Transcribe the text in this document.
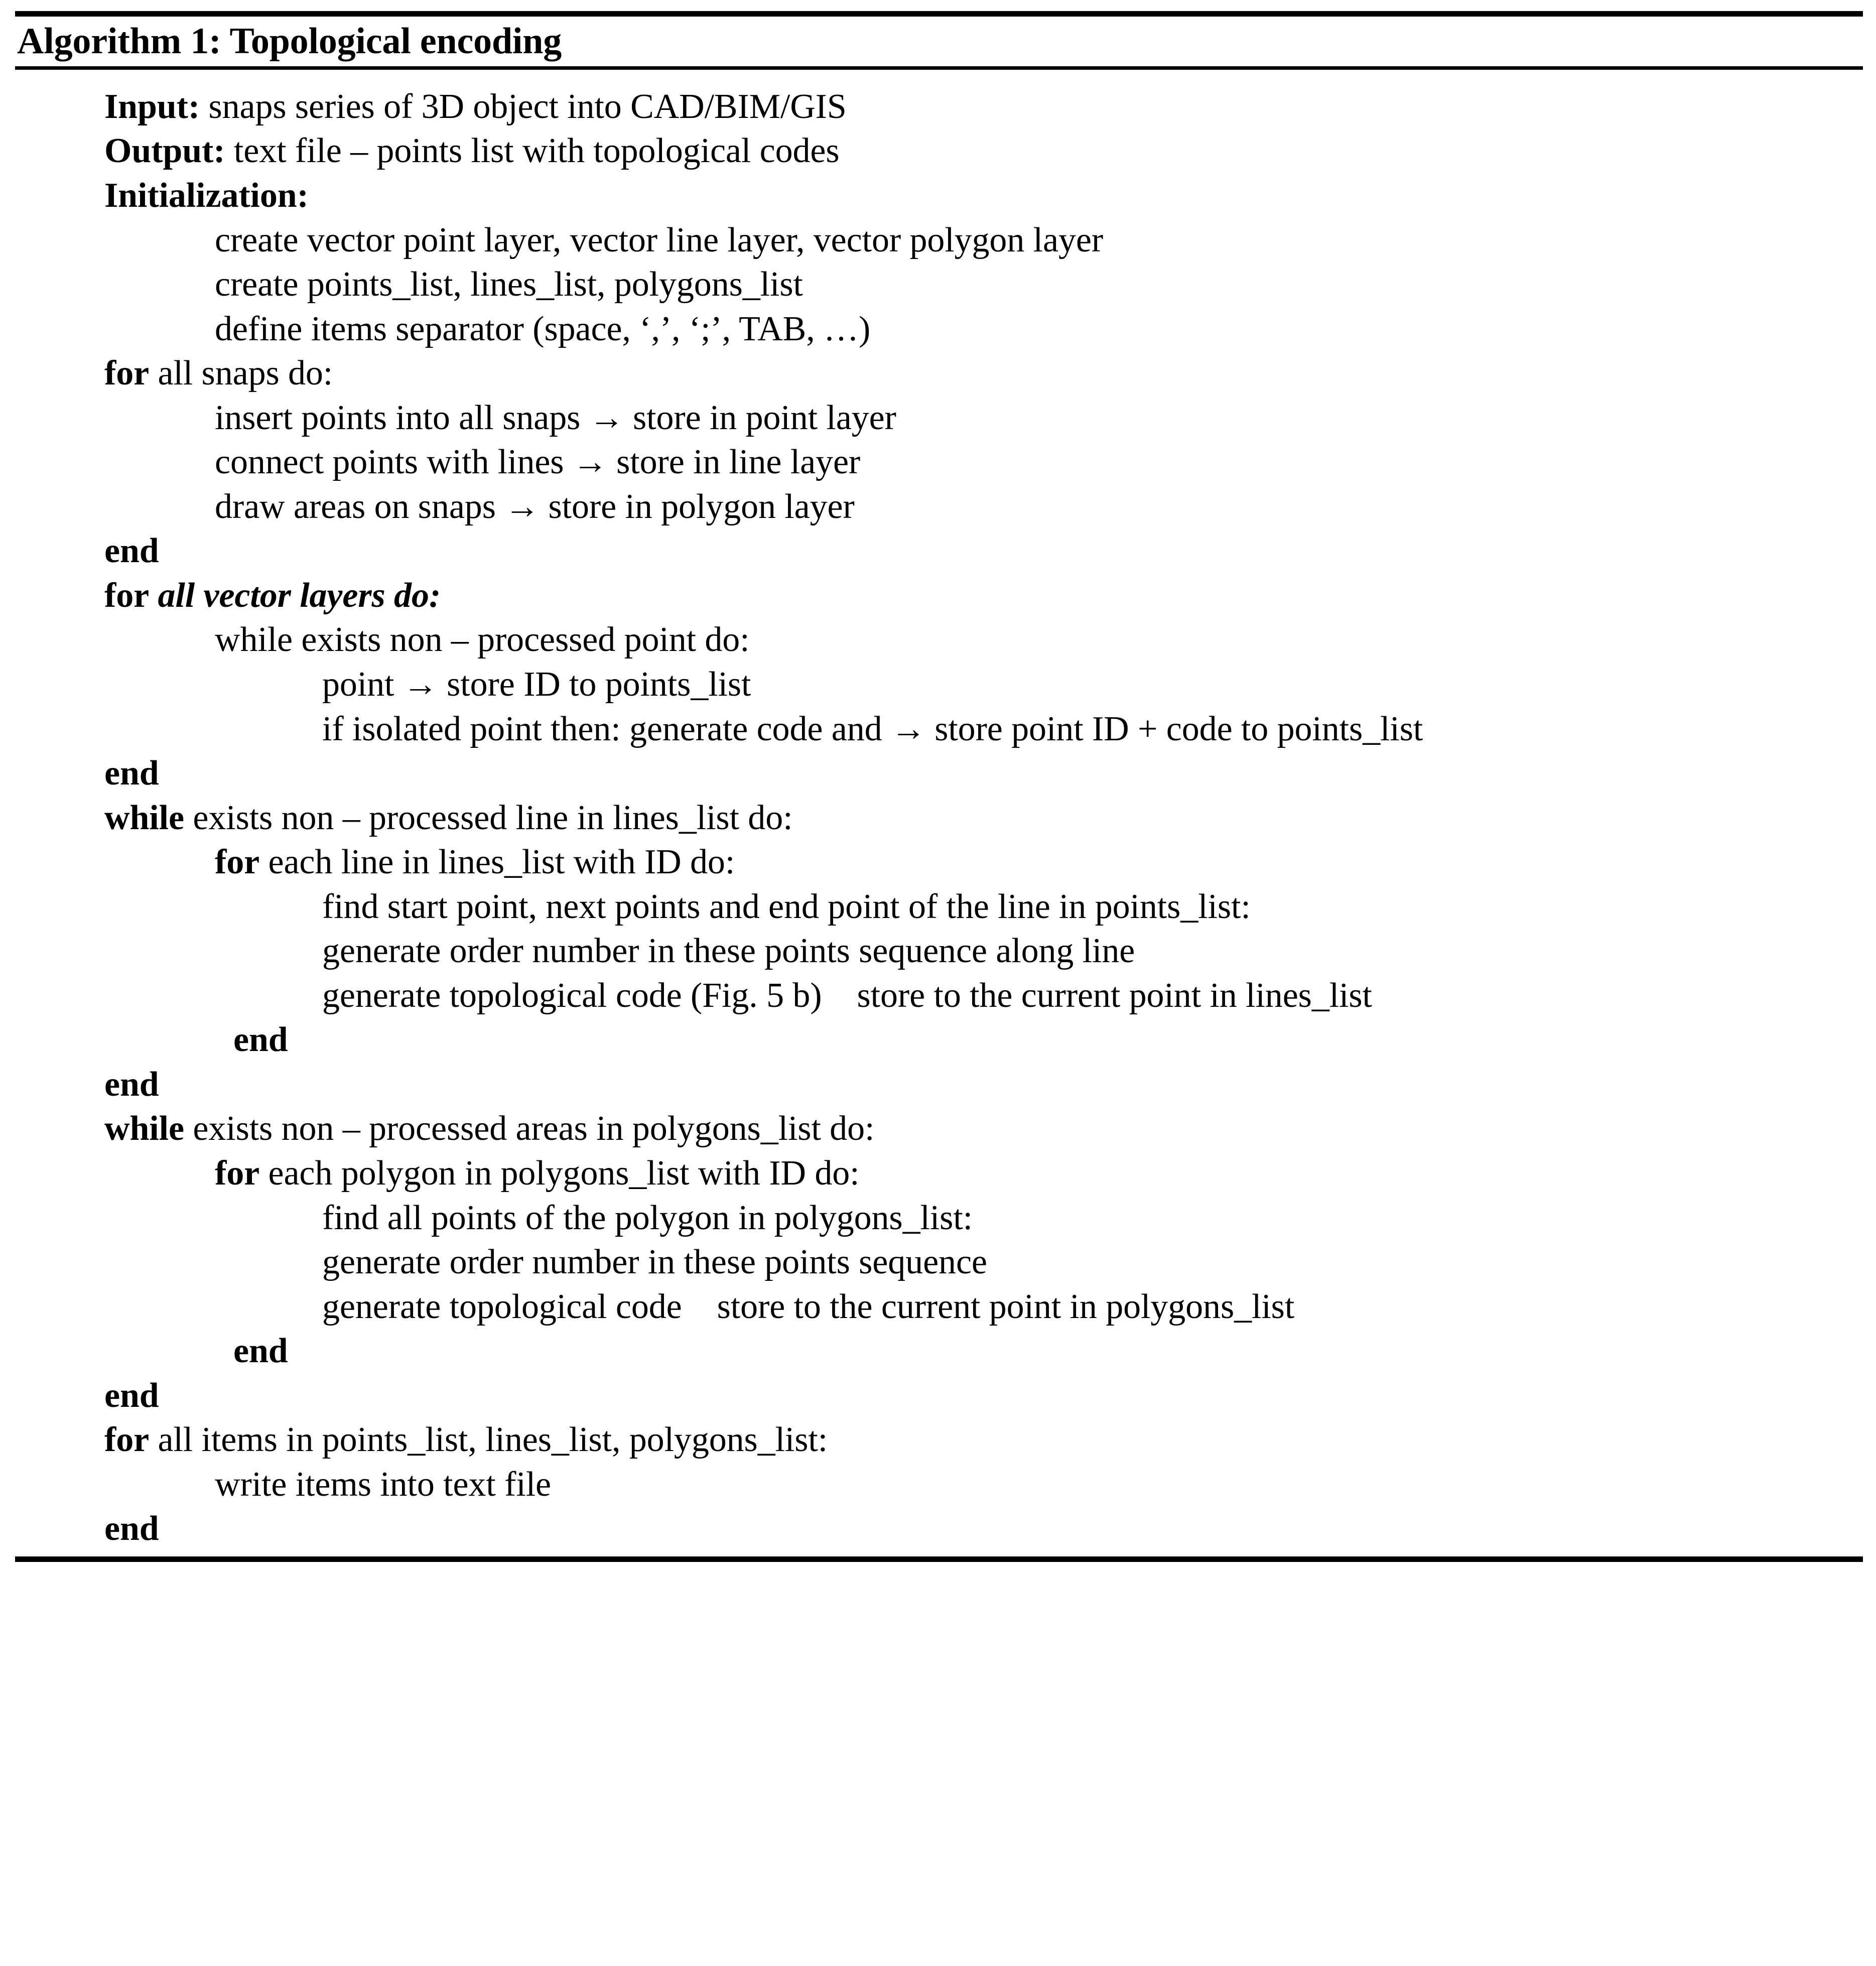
Algorithm 1: Topological encoding
Input: snaps series of 3D object into CAD/BIM/GIS
Output: text file – points list with topological codes
Initialization:
create vector point layer, vector line layer, vector polygon layer
create points_list, lines_list, polygons_list
define items separator (space, ‘,’, ‘;’, TAB, …)
for all snaps do:
insert points into all snaps → store in point layer
connect points with lines → store in line layer
draw areas on snaps → store in polygon layer
end
for all vector layers do:
while exists non – processed point do:
point → store ID to points_list
if isolated point then: generate code and → store point ID + code to points_list
end
while exists non – processed line in lines_list do:
for each line in lines_list with ID do:
find start point, next points and end point of the line in points_list:
generate order number in these points sequence along line
generate topological code (Fig. 5 b) store to the current point in lines_list
end
end
while exists non – processed areas in polygons_list do:
for each polygon in polygons_list with ID do:
find all points of the polygon in polygons_list:
generate order number in these points sequence
generate topological code store to the current point in polygons_list
end
end
for all items in points_list, lines_list, polygons_list:
write items into text file
end
